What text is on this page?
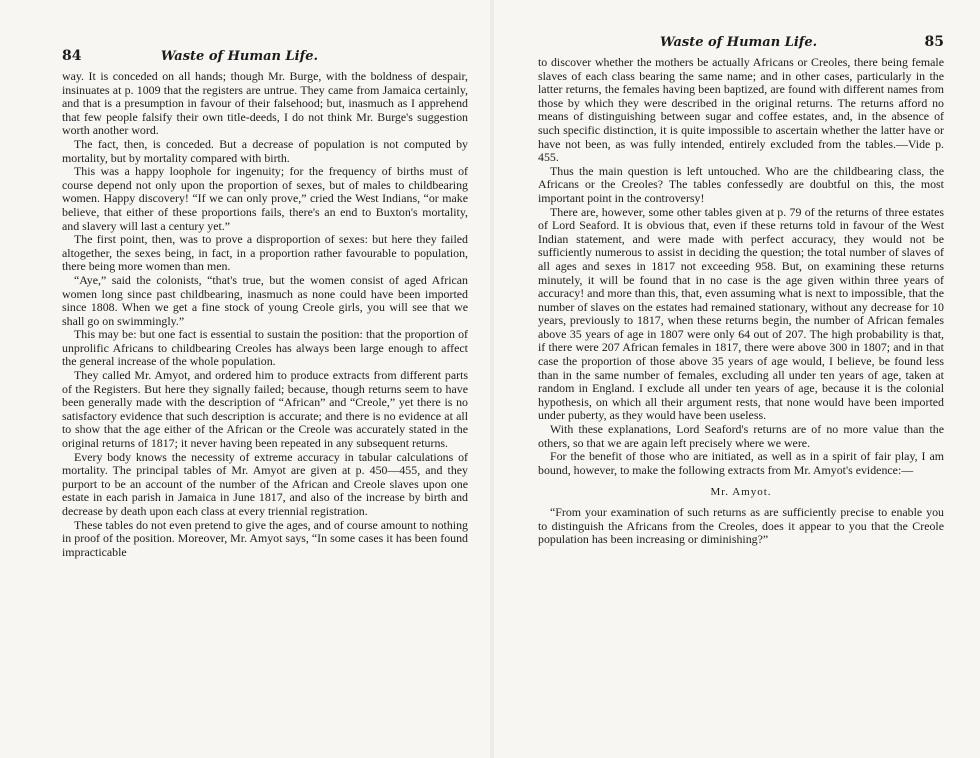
84	Waste of Human Life.

way. It is conceded on all hands; though Mr. Burge, with the boldness of despair, insinuates at p. 1009 that the registers are untrue. They came from Jamaica certainly, and that is a presumption in favour of their falsehood; but, inasmuch as I apprehend that few people falsify their own title-deeds, I do not think Mr. Burge's suggestion worth another word.

The fact, then, is conceded. But a decrease of population is not computed by mortality, but by mortality compared with birth.

This was a happy loophole for ingenuity; for the frequency of births must of course depend not only upon the proportion of sexes, but of males to childbearing women. Happy discovery! “If we can only prove,” cried the West Indians, “or make believe, that either of these proportions fails, there's an end to Buxton's mortality, and slavery will last a century yet.”

The first point, then, was to prove a disproportion of sexes: but here they failed altogether, the sexes being, in fact, in a proportion rather favourable to population, there being more women than men.

“Aye,” said the colonists, “that's true, but the women consist of aged African women long since past childbearing, inasmuch as none could have been imported since 1808. When we get a fine stock of young Creole girls, you will see that we shall go on swimmingly.”

This may be: but one fact is essential to sustain the position: that the proportion of unprolific Africans to childbearing Creoles has always been large enough to affect the general increase of the whole population.

They called Mr. Amyot, and ordered him to produce extracts from different parts of the Registers. But here they signally failed; because, though returns seem to have been generally made with the description of “African” and “Creole,” yet there is no satisfactory evidence that such description is accurate; and there is no evidence at all to show that the age either of the African or the Creole was accurately stated in the original returns of 1817; it never having been repeated in any subsequent returns.

Every body knows the necessity of extreme accuracy in tabular calculations of mortality. The principal tables of Mr. Amyot are given at p. 450—455, and they purport to be an account of the number of the African and Creole slaves upon one estate in each parish in Jamaica in June 1817, and also of the increase by birth and decrease by death upon each class at every triennial registration.

These tables do not even pretend to give the ages, and of course amount to nothing in proof of the position. Moreover, Mr. Amyot says, “In some cases it has been found impracticable

Waste of Human Life.	85

to discover whether the mothers be actually Africans or Creoles, there being female slaves of each class bearing the same name; and in other cases, particularly in the latter returns, the females having been baptized, are found with different names from those by which they were described in the original returns. The returns afford no means of distinguishing between sugar and coffee estates, and, in the absence of such specific distinction, it is quite impossible to ascertain whether the latter have or have not been, as was fully intended, entirely excluded from the tables.—Vide p. 455.

Thus the main question is left untouched. Who are the childbearing class, the Africans or the Creoles? The tables confessedly are doubtful on this, the most important point in the controversy!

There are, however, some other tables given at p. 79 of the returns of three estates of Lord Seaford. It is obvious that, even if these returns told in favour of the West Indian statement, and were made with perfect accuracy, they would not be sufficiently numerous to assist in deciding the question; the total number of slaves of all ages and sexes in 1817 not exceeding 958. But, on examining these returns minutely, it will be found that in no case is the age given within three years of accuracy! and more than this, that, even assuming what is next to impossible, that the number of slaves on the estates had remained stationary, without any decrease for 10 years, previously to 1817, when these returns begin, the number of African females above 35 years of age in 1807 were only 64 out of 207. The high probability is that, if there were 207 African females in 1817, there were above 300 in 1807; and in that case the proportion of those above 35 years of age would, I believe, be found less than in the same number of females, excluding all under ten years of age, taken at random in England. I exclude all under ten years of age, because it is the colonial hypothesis, on which all their argument rests, that none would have been imported under puberty, as they would have been useless.

With these explanations, Lord Seaford's returns are of no more value than the others, so that we are again left precisely where we were.

For the benefit of those who are initiated, as well as in a spirit of fair play, I am bound, however, to make the following extracts from Mr. Amyot's evidence:—

Mr. Amyot.

“From your examination of such returns as are sufficiently precise to enable you to distinguish the Africans from the Creoles, does it appear to you that the Creole population has been increasing or diminishing?”
